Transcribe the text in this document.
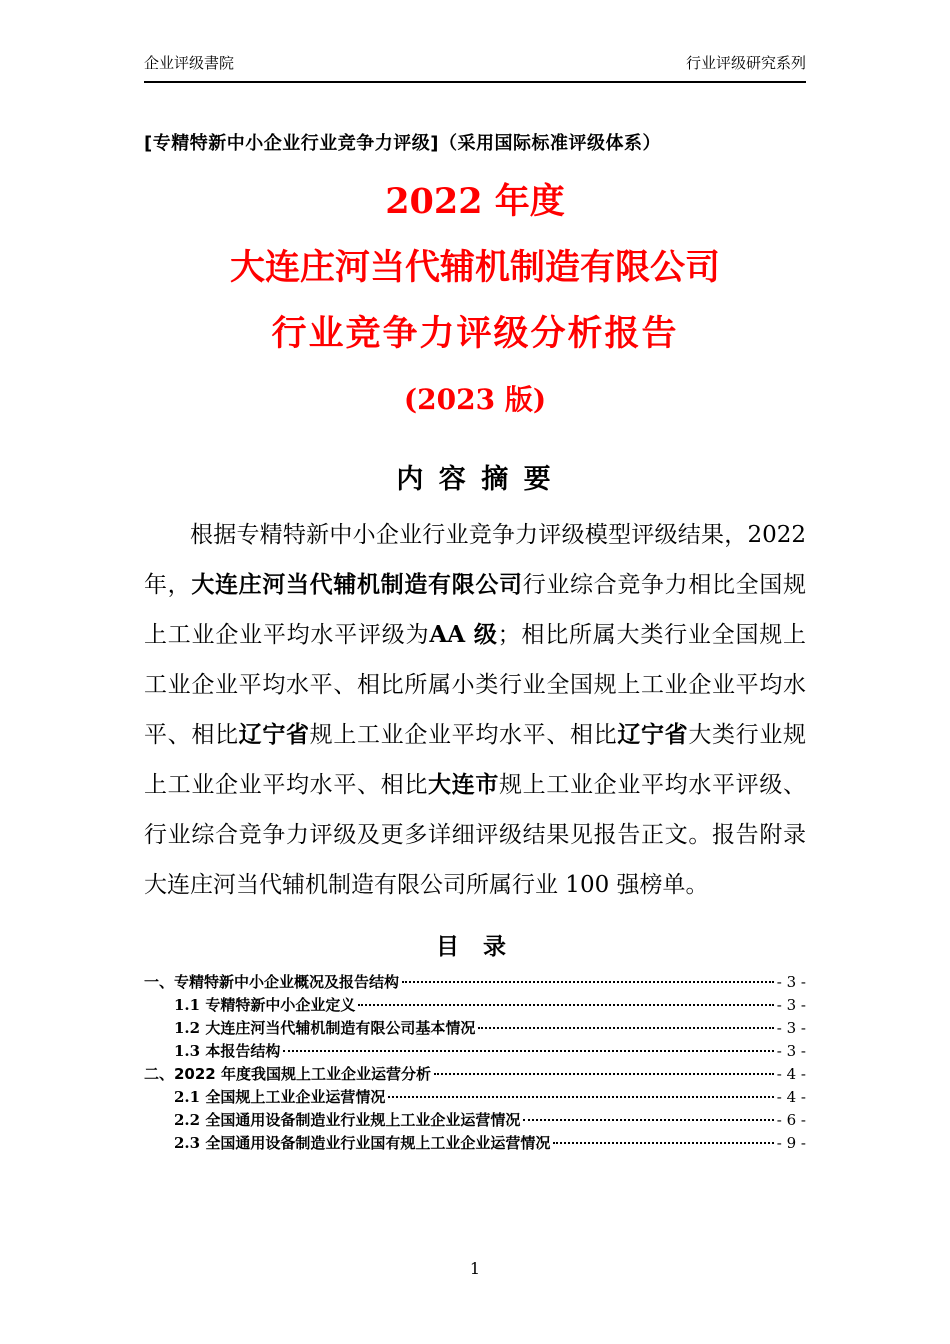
企业评级書院	行业评级研究系列
[专精特新中小企业行业竞争力评级]（采用国际标准评级体系）
2022 年度
大连庄河当代辅机制造有限公司
行业竞争力评级分析报告
(2023 版)
内 容 摘 要

根据专精特新中小企业行业竞争力评级模型评级结果，2022 年，大连庄河当代辅机制造有限公司行业综合竞争力相比全国规上工业企业平均水平评级为AA 级；相比所属大类行业全国规上工业企业平均水平、相比所属小类行业全国规上工业企业平均水平、相比辽宁省规上工业企业平均水平、相比辽宁省大类行业规上工业企业平均水平、相比大连市规上工业企业平均水平评级、行业综合竞争力评级及更多详细评级结果见报告正文。报告附录大连庄河当代辅机制造有限公司所属行业 100 强榜单。

目 录
一、专精特新中小企业概况及报告结构	- 3 -
1.1 专精特新中小企业定义	- 3 -
1.2 大连庄河当代辅机制造有限公司基本情况	- 3 -
1.3 本报告结构	- 3 -
二、2022 年度我国规上工业企业运营分析	- 4 -
2.1 全国规上工业企业运营情况	- 4 -
2.2 全国通用设备制造业行业规上工业企业运营情况	- 6 -
2.3 全国通用设备制造业行业国有规上工业企业运营情况	- 9 -
1
